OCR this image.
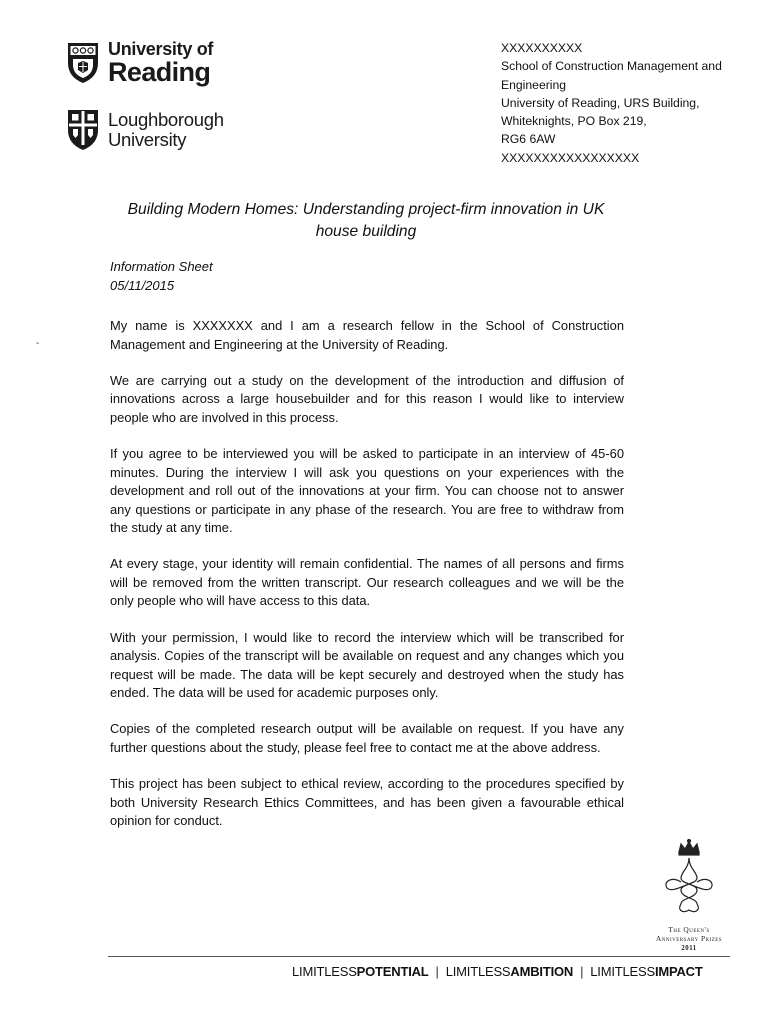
University of
Reading
Loughborough
University
XXXXXXXXXX
School of Construction Management and
Engineering
University of Reading, URS Building,
Whiteknights, PO Box 219,
RG6 6AW
XXXXXXXXXXXXXXXXX
Building Modern Homes: Understanding project-firm innovation in UK house building
Information Sheet
05/11/2015
-

My name is XXXXXXX and I am a research fellow in the School of Construction Management and Engineering at the University of Reading.

We are carrying out a study on the development of the introduction and diffusion of innovations across a large housebuilder and for this reason I would like to interview people who are involved in this process.

If you agree to be interviewed you will be asked to participate in an interview of 45-60 minutes. During the interview I will ask you questions on your experiences with the development and roll out of the innovations at your firm. You can choose not to answer any questions or participate in any phase of the research. You are free to withdraw from the study at any time.

At every stage, your identity will remain confidential. The names of all persons and firms will be removed from the written transcript. Our research colleagues and we will be the only people who will have access to this data.

With your permission, I would like to record the interview which will be transcribed for analysis. Copies of the transcript will be available on request and any changes which you request will be made. The data will be kept securely and destroyed when the study has ended. The data will be used for academic purposes only.

Copies of the completed research output will be available on request. If you have any further questions about the study, please feel free to contact me at the above address.

This project has been subject to ethical review, according to the procedures specified by both University Research Ethics Committees, and has been given a favourable ethical opinion for conduct.

The Queen's
Anniversary Prizes
2011
LIMITLESSPOTENTIAL | LIMITLESSAMBITION | LIMITLESSIMPACT
